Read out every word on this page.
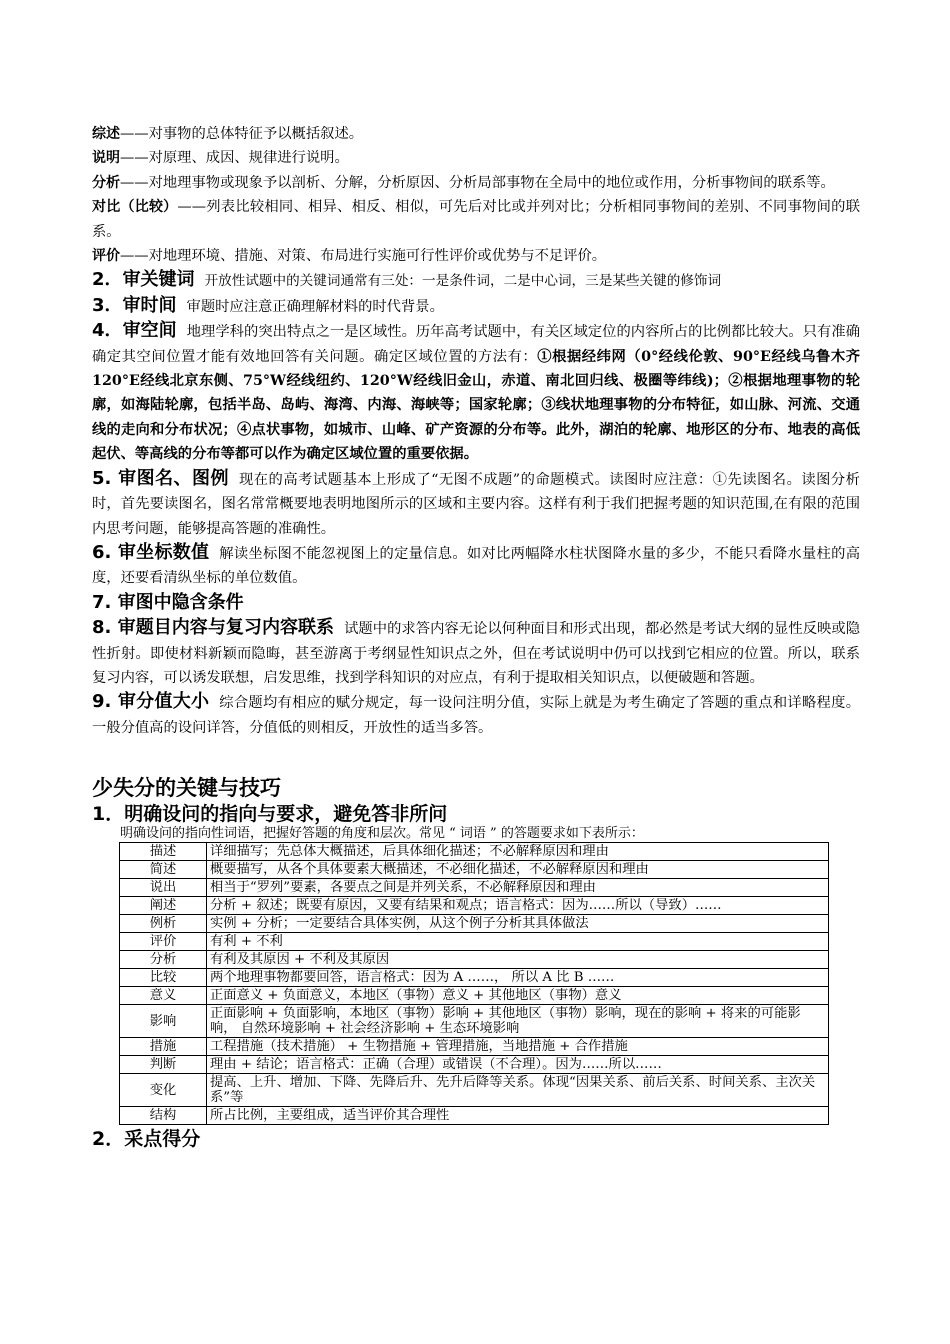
综述——对事物的总体特征予以概括叙述。

说明——对原理、成因、规律进行说明。

分析——对地理事物或现象予以剖析、分解，分析原因、分析局部事物在全局中的地位或作用，分析事物间的联系等。

对比（比较）——列表比较相同、相异、相反、相似，可先后对比或并列对比；分析相同事物间的差别、不同事物间的联系。

评价——对地理环境、措施、对策、布局进行实施可行性评价或优势与不足评价。

2．审关键词 开放性试题中的关键词通常有三处：一是条件词，二是中心词，三是某些关键的修饰词

3．审时间 审题时应注意正确理解材料的时代背景。

4．审空间 地理学科的突出特点之一是区域性。历年高考试题中，有关区域定位的内容所占的比例都比较大。只有准确确定其空间位置才能有效地回答有关问题。确定区域位置的方法有：①根据经纬网（0°经线伦敦、90°E经线乌鲁木齐120°E经线北京东侧、75°W经线纽约、120°W经线旧金山，赤道、南北回归线、极圈等纬线)；②根据地理事物的轮廓，如海陆轮廓，包括半岛、岛屿、海湾、内海、海峡等；国家轮廓；③线状地理事物的分布特征，如山脉、河流、交通线的走向和分布状况；④点状事物，如城市、山峰、矿产资源的分布等。此外，湖泊的轮廓、地形区的分布、地表的高低起伏、等高线的分布等都可以作为确定区域位置的重要依据。

5. 审图名、图例 现在的高考试题基本上形成了“无图不成题”的命题模式。读图时应注意：①先读图名。读图分析时，首先要读图名，图名常常概要地表明地图所示的区域和主要内容。这样有利于我们把握考题的知识范围,在有限的范围内思考问题，能够提高答题的准确性。

6. 审坐标数值 解读坐标图不能忽视图上的定量信息。如对比两幅降水柱状图降水量的多少，不能只看降水量柱的高度，还要看清纵坐标的单位数值。

7. 审图中隐含条件

8. 审题目内容与复习内容联系 试题中的求答内容无论以何种面目和形式出现，都必然是考试大纲的显性反映或隐性折射。即使材料新颖而隐晦，甚至游离于考纲显性知识点之外，但在考试说明中仍可以找到它相应的位置。所以，联系复习内容，可以诱发联想，启发思维，找到学科知识的对应点，有利于提取相关知识点，以便破题和答题。

9. 审分值大小 综合题均有相应的赋分规定，每一设问注明分值，实际上就是为考生确定了答题的重点和详略程度。一般分值高的设问详答，分值低的则相反，开放性的适当多答。

少失分的关键与技巧
1．明确设问的指向与要求，避免答非所问

明确设问的指向性词语，把握好答题的角度和层次。常见 “ 词语 ” 的答题要求如下表所示：

描述	详细描写；先总体大概描述，后具体细化描述；不必解释原因和理由
简述	概要描写，从各个具体要素大概描述，不必细化描述，不必解释原因和理由
说出	相当于“罗列”要素，各要点之间是并列关系，不必解释原因和理由
阐述	分析 + 叙述；既要有原因，又要有结果和观点；语言格式：因为……所以（导致）……
例析	实例 + 分析；一定要结合具体实例，从这个例子分析其具体做法
评价	有利 + 不利
分析	有利及其原因 + 不利及其原因
比较	两个地理事物都要回答，语言格式：因为 A ……， 所以 A 比 B ……
意义	正面意义 + 负面意义，本地区（事物）意义 + 其他地区（事物）意义
影响	正面影响 + 负面影响，本地区（事物）影响 + 其他地区（事物）影响，现在的影响 + 将来的可能影响， 自然环境影响 + 社会经济影响 + 生态环境影响
措施	工程措施（技术措施） + 生物措施 + 管理措施，当地措施 + 合作措施
判断	理由 + 结论；语言格式：正确（合理）或错误（不合理）。因为……所以……
变化	提高、上升、增加、下降、先降后升、先升后降等关系。体现“因果关系、前后关系、时间关系、主次关系”等
结构	所占比例，主要组成，适当评价其合理性
2．采点得分
